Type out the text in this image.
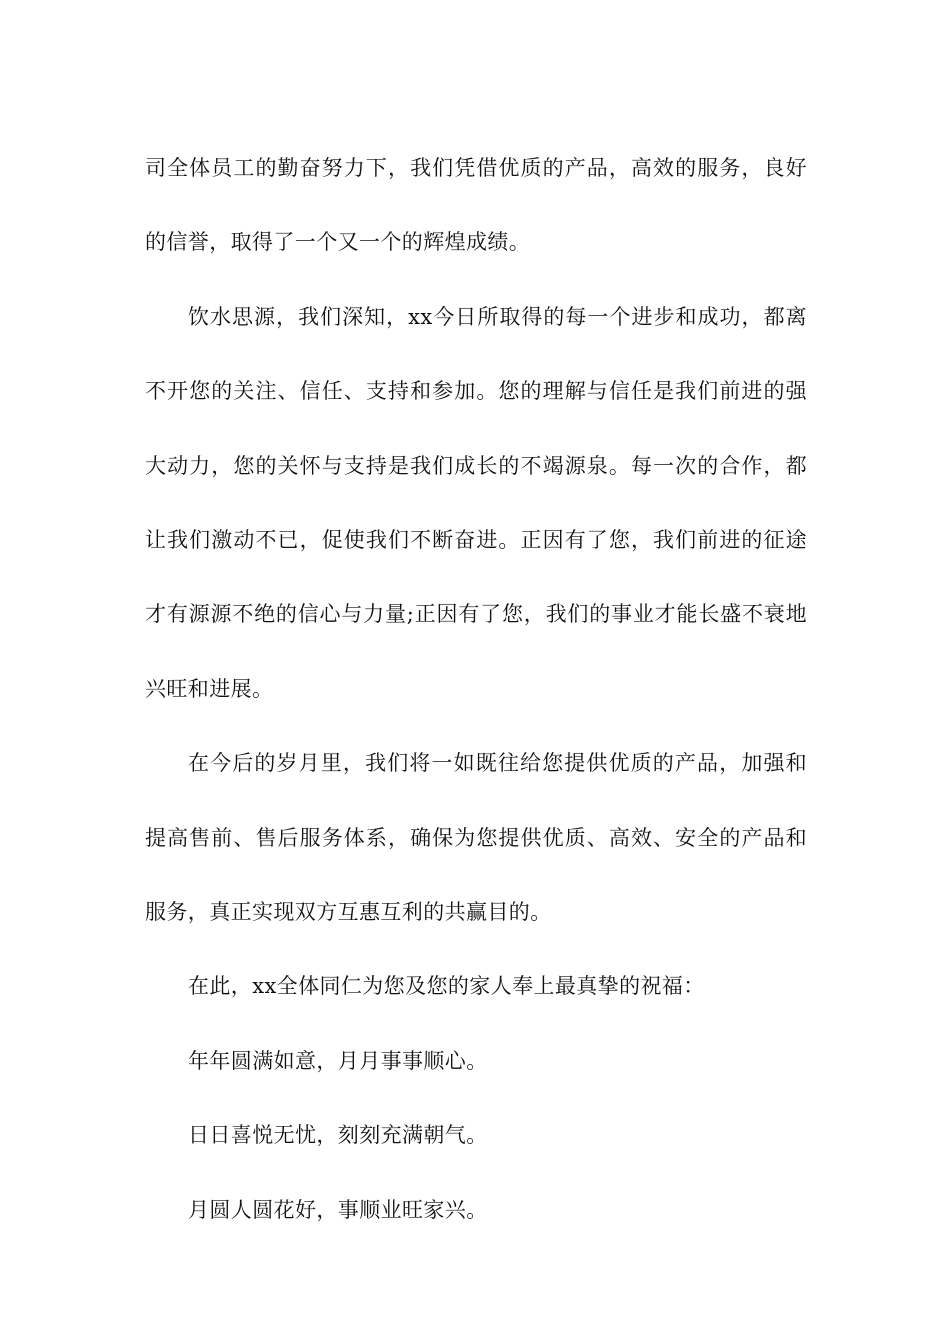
司全体员工的勤奋努力下，我们凭借优质的产品，高效的服务，良好的信誉，取得了一个又一个的辉煌成绩。

饮水思源，我们深知，xx今日所取得的每一个进步和成功，都离不开您的关注、信任、支持和参加。您的理解与信任是我们前进的强大动力，您的关怀与支持是我们成长的不竭源泉。每一次的合作，都让我们激动不已，促使我们不断奋进。正因有了您，我们前进的征途才有源源不绝的信心与力量;正因有了您，我们的事业才能长盛不衰地兴旺和进展。

在今后的岁月里，我们将一如既往给您提供优质的产品，加强和提高售前、售后服务体系，确保为您提供优质、高效、安全的产品和服务，真正实现双方互惠互利的共赢目的。

在此，xx全体同仁为您及您的家人奉上最真挚的祝福：

年年圆满如意，月月事事顺心。

日日喜悦无忧，刻刻充满朝气。

月圆人圆花好，事顺业旺家兴。
